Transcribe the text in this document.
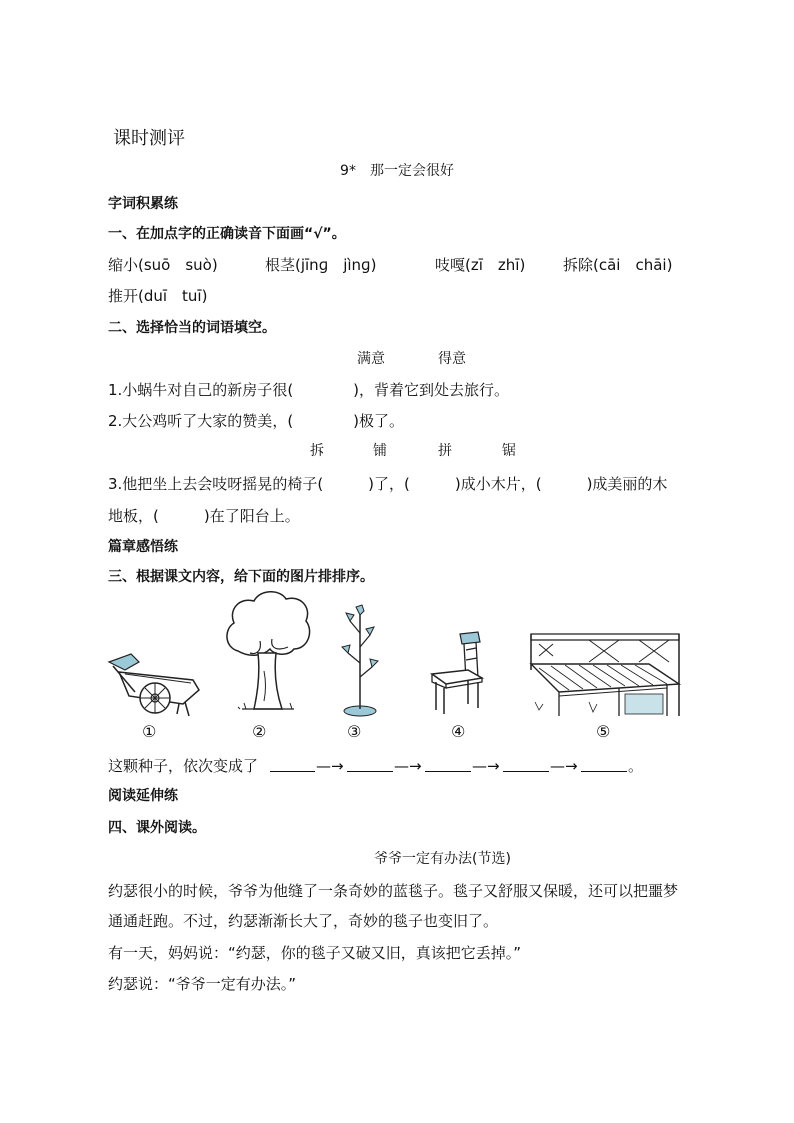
课时测评
9*　那一定会很好
字词积累练
一、在加点字的正确读音下面画“√”。
缩小(suō　suò)	根茎(jīnɡ　jìnɡ)	吱嘎(zī　zhī)	拆除(cāi　chāi)
推开(duī　tuī)
二、选择恰当的词语填空。
满意	得意
1.小蜗牛对自己的新房子很(　　　　)，背着它到处去旅行。
2.大公鸡听了大家的赞美，(　　　　)极了。
拆	铺	拼	锯
3.他把坐上去会吱呀摇晃的椅子(　　　)了，(　　　)成小木片，(　　　)成美丽的木
地板，(　　　)在了阳台上。
篇章感悟练
三、根据课文内容，给下面的图片排排序。
①	②	③	④	⑤
这颗种子，依次变成了	—→	—→	—→	—→	。
阅读延伸练
四、课外阅读。
爷爷一定有办法(节选)
约瑟很小的时候，爷爷为他缝了一条奇妙的蓝毯子。毯子又舒服又保暖，还可以把噩梦
通通赶跑。不过，约瑟渐渐长大了，奇妙的毯子也变旧了。
有一天，妈妈说：“约瑟，你的毯子又破又旧，真该把它丢掉。”
约瑟说：“爷爷一定有办法。”
